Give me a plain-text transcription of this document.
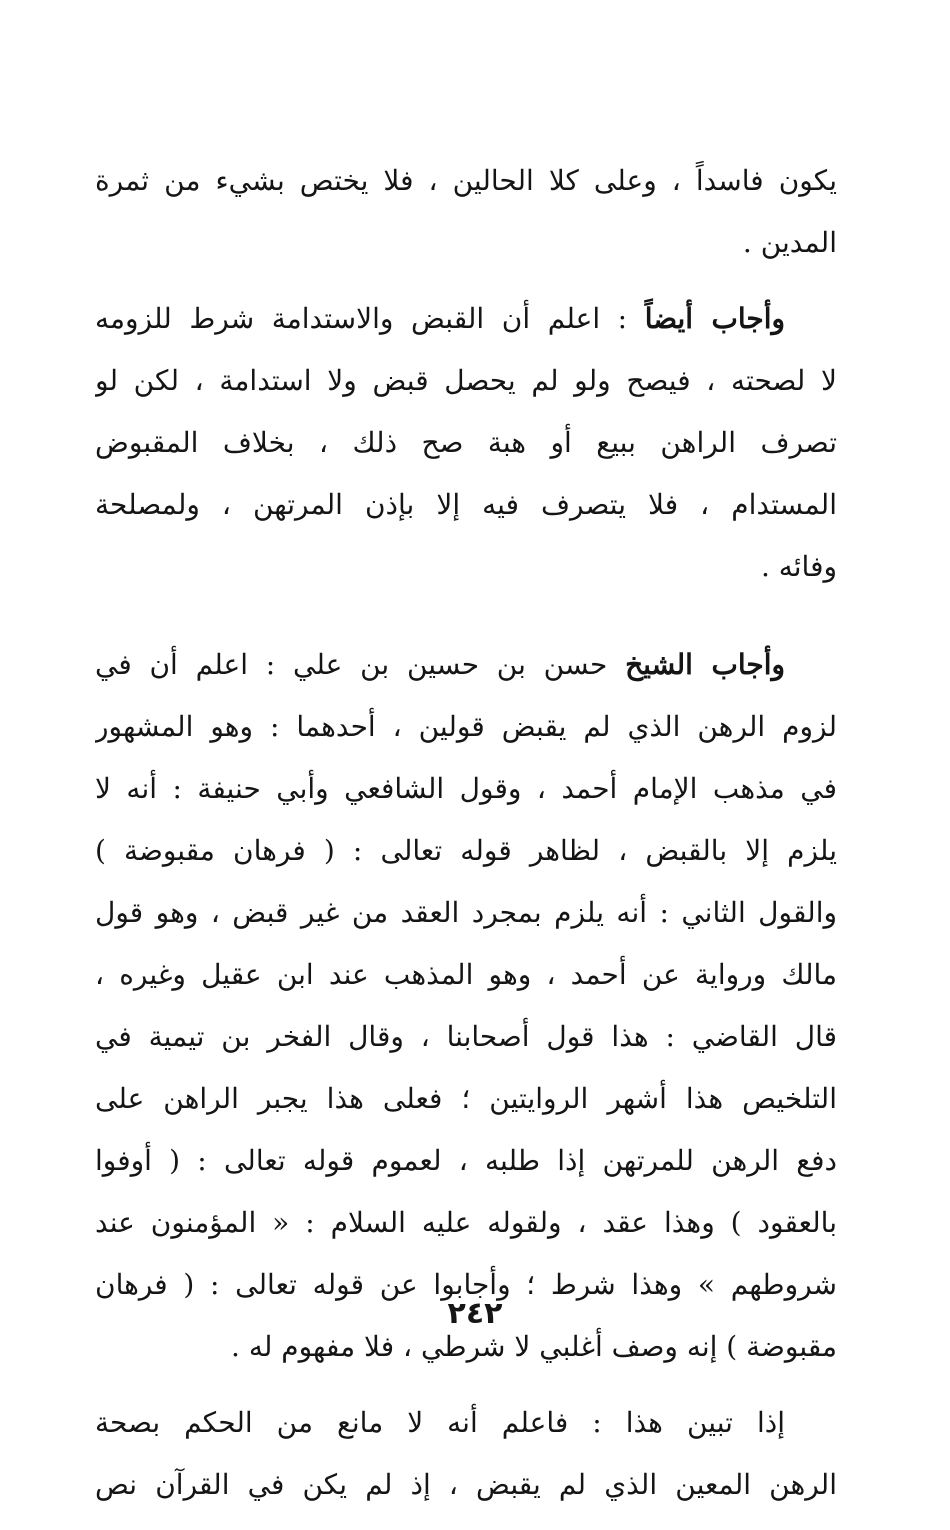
يكون فاسداً ، وعلى كلا الحالين ، فلا يختص بشيء من ثمرة
المدين .
وأجاب أيضاً : اعلم أن القبض والاستدامة شرط للزومه
لا لصحته ، فيصح ولو لم يحصل قبض ولا استدامة ، لكن لو
تصرف الراهن ببيع أو هبة صح ذلك ، بخلاف المقبوض
المستدام ، فلا يتصرف فيه إلا بإذن المرتهن ، ولمصلحة
وفائه .
وأجاب الشيخ حسن بن حسين بن علي : اعلم أن في
لزوم الرهن الذي لم يقبض قولين ، أحدهما : وهو المشهور
في مذهب الإمام أحمد ، وقول الشافعي وأبي حنيفة : أنه لا
يلزم إلا بالقبض ، لظاهر قوله تعالى : ( فرهان مقبوضة )
والقول الثاني : أنه يلزم بمجرد العقد من غير قبض ، وهو قول
مالك ورواية عن أحمد ، وهو المذهب عند ابن عقيل وغيره ،
قال القاضي : هذا قول أصحابنا ، وقال الفخر بن تيمية في
التلخيص هذا أشهر الروايتين ؛ فعلى هذا يجبر الراهن على
دفع الرهن للمرتهن إذا طلبه ، لعموم قوله تعالى : ( أوفوا
بالعقود ) وهذا عقد ، ولقوله عليه السلام : « المؤمنون عند
شروطهم » وهذا شرط ؛ وأجابوا عن قوله تعالى : ( فرهان
مقبوضة ) إنه وصف أغلبي لا شرطي ، فلا مفهوم له .
إذا تبين هذا : فاعلم أنه لا مانع من الحكم بصحة
الرهن المعين الذي لم يقبض ، إذ لم يكن في القرآن نص
٢٤٢
